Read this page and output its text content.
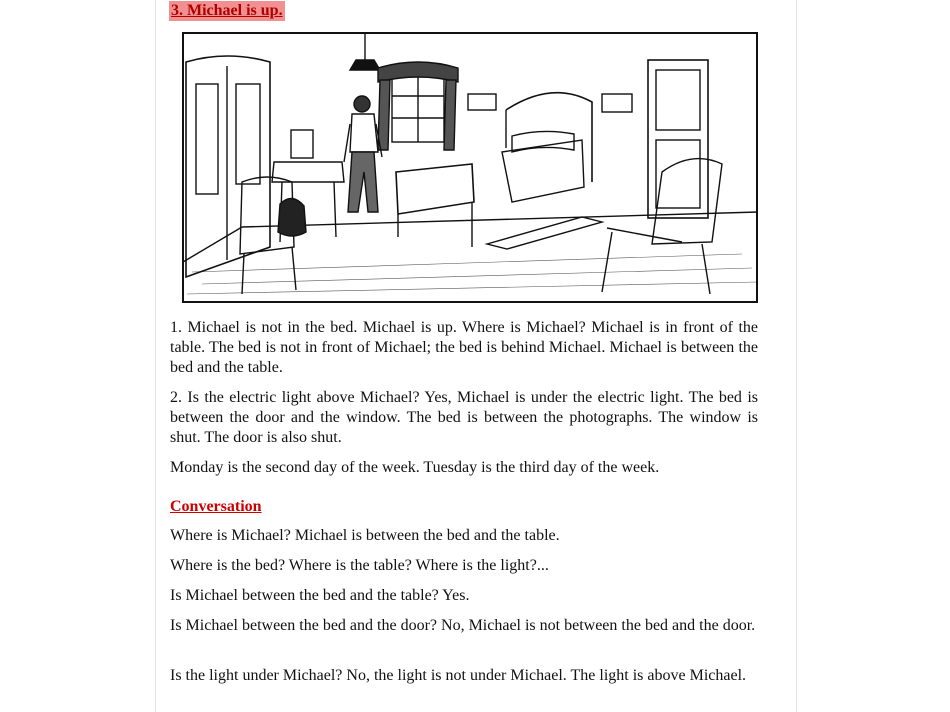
3. Michael is up.

1. Michael is not in the bed. Michael is up. Where is Michael? Michael is in front of the table. The bed is not in front of Michael; the bed is behind Michael. Michael is between the bed and the table.

2. Is the electric light above Michael? Yes, Michael is under the electric light. The bed is between the door and the window. The bed is between the photographs. The window is shut. The door is also shut.

Monday is the second day of the week. Tuesday is the third day of the week.

Conversation

Where is Michael? Michael is between the bed and the table.

Where is the bed? Where is the table? Where is the light?...

Is Michael between the bed and the table? Yes.

Is Michael between the bed and the door? No, Michael is not between the bed and the door.

Is the light under Michael? No, the light is not under Michael. The light is above Michael.
